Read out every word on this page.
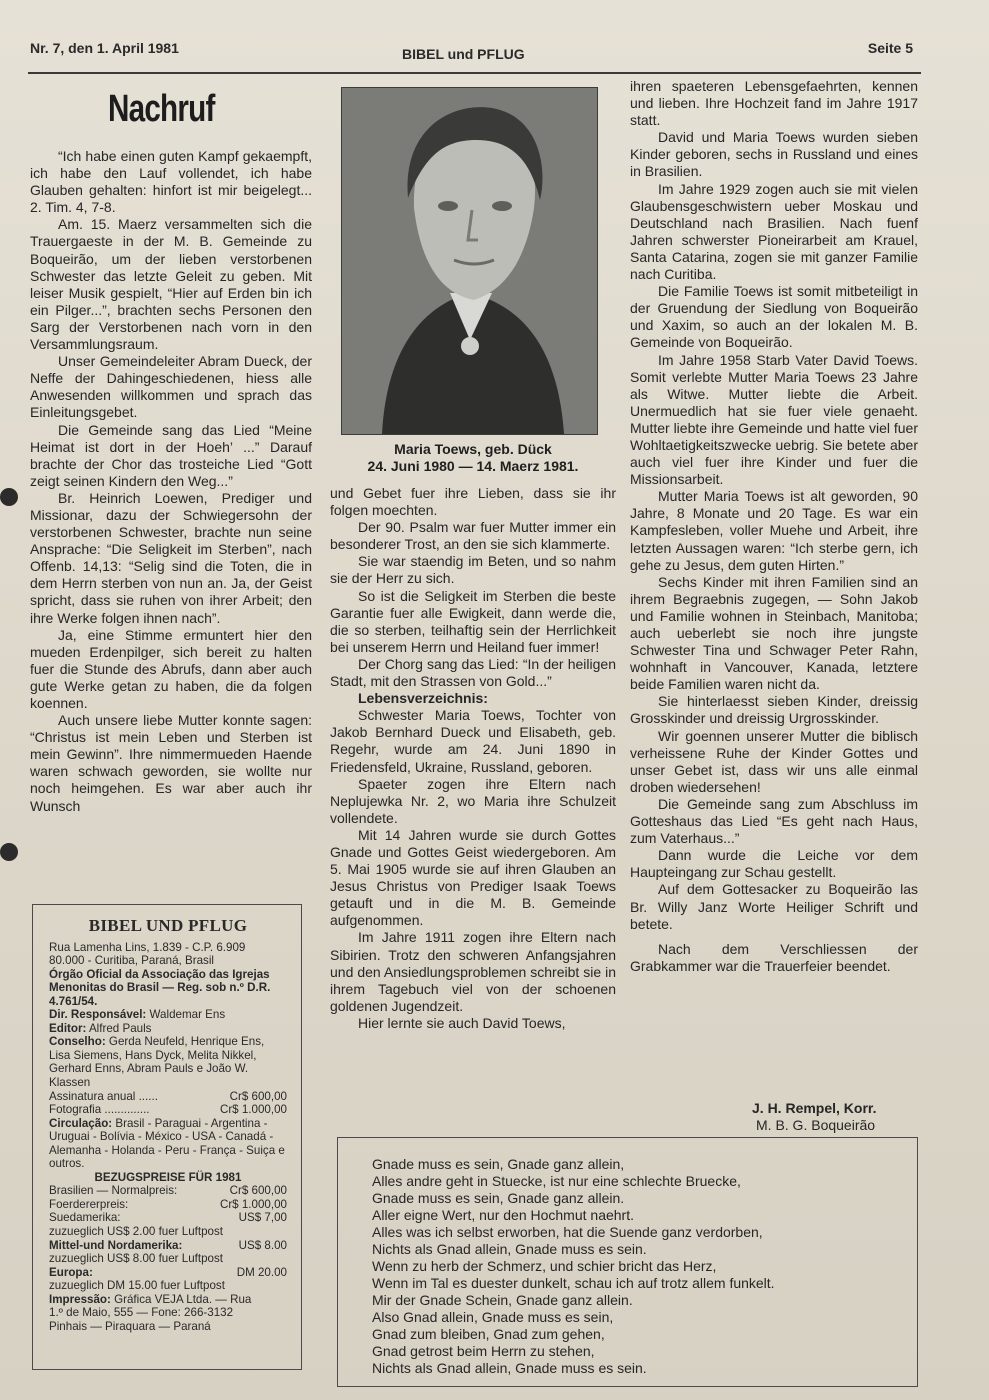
Nr. 7, den 1. April 1981	BIBEL und PFLUG	Seite 5
Nachruf

“Ich habe einen guten Kampf gekaempft, ich habe den Lauf vollendet, ich habe Glauben gehalten: hinfort ist mir beigelegt... 2. Tim. 4, 7-8.

Am. 15. Maerz versammelten sich die Trauergaeste in der M. B. Gemeinde zu Boqueirão, um der lieben verstorbenen Schwester das letzte Geleit zu geben. Mit leiser Musik gespielt, “Hier auf Erden bin ich ein Pilger...”, brachten sechs Personen den Sarg der Verstorbenen nach vorn in den Versammlungsraum.

Unser Gemeindeleiter Abram Dueck, der Neffe der Dahingeschiedenen, hiess alle Anwesenden willkommen und sprach das Einleitungsgebet.

Die Gemeinde sang das Lied “Meine Heimat ist dort in der Hoeh’ ...” Darauf brachte der Chor das trosteiche Lied “Gott zeigt seinen Kindern den Weg...”

Br. Heinrich Loewen, Prediger und Missionar, dazu der Schwiegersohn der verstorbenen Schwester, brachte nun seine Ansprache: “Die Seligkeit im Sterben”, nach Offenb. 14,13: “Selig sind die Toten, die in dem Herrn sterben von nun an. Ja, der Geist spricht, dass sie ruhen von ihrer Arbeit; den ihre Werke folgen ihnen nach”.

Ja, eine Stimme ermuntert hier den mueden Erdenpilger, sich bereit zu halten fuer die Stunde des Abrufs, dann aber auch gute Werke getan zu haben, die da folgen koennen.

Auch unsere liebe Mutter konnte sagen: “Christus ist mein Leben und Sterben ist mein Gewinn”. Ihre nimmermueden Haende waren schwach geworden, sie wollte nur noch heimgehen. Es war aber auch ihr Wunsch

Maria Toews, geb. Dück
24. Juni 1980 — 14. Maerz 1981.

und Gebet fuer ihre Lieben, dass sie ihr folgen moechten.

Der 90. Psalm war fuer Mutter immer ein besonderer Trost, an den sie sich klammerte.

Sie war staendig im Beten, und so nahm sie der Herr zu sich.

So ist die Seligkeit im Sterben die beste Garantie fuer alle Ewigkeit, dann werde die, die so sterben, teilhaftig sein der Herrlichkeit bei unserem Herrn und Heiland fuer immer!

Der Chorg sang das Lied: “In der heiligen Stadt, mit den Strassen von Gold...”

Lebensverzeichnis:

Schwester Maria Toews, Tochter von Jakob Bernhard Dueck und Elisabeth, geb. Regehr, wurde am 24. Juni 1890 in Friedensfeld, Ukraine, Russland, geboren.

Spaeter zogen ihre Eltern nach Neplujewka Nr. 2, wo Maria ihre Schulzeit vollendete.

Mit 14 Jahren wurde sie durch Gottes Gnade und Gottes Geist wiedergeboren. Am 5. Mai 1905 wurde sie auf ihren Glauben an Jesus Christus von Prediger Isaak Toews getauft und in die M. B. Gemeinde aufgenommen.

Im Jahre 1911 zogen ihre Eltern nach Sibirien. Trotz den schweren Anfangsjahren und den Ansiedlungsproblemen schreibt sie in ihrem Tagebuch viel von der schoenen goldenen Jugendzeit.

Hier lernte sie auch David Toews,

ihren spaeteren Lebensgefaehrten, kennen und lieben. Ihre Hochzeit fand im Jahre 1917 statt.

David und Maria Toews wurden sieben Kinder geboren, sechs in Russland und eines in Brasilien.

Im Jahre 1929 zogen auch sie mit vielen Glaubensgeschwistern ueber Moskau und Deutschland nach Brasilien. Nach fuenf Jahren schwerster Pioneirarbeit am Krauel, Santa Catarina, zogen sie mit ganzer Familie nach Curitiba.

Die Familie Toews ist somit mitbeteiligt in der Gruendung der Siedlung von Boqueirão und Xaxim, so auch an der lokalen M. B. Gemeinde von Boqueirão.

Im Jahre 1958 Starb Vater David Toews. Somit verlebte Mutter Maria Toews 23 Jahre als Witwe. Mutter liebte die Arbeit. Unermuedlich hat sie fuer viele genaeht. Mutter liebte ihre Gemeinde und hatte viel fuer Wohltaetigkeitszwecke uebrig. Sie betete aber auch viel fuer ihre Kinder und fuer die Missionsarbeit.

Mutter Maria Toews ist alt geworden, 90 Jahre, 8 Monate und 20 Tage. Es war ein Kampfesleben, voller Muehe und Arbeit, ihre letzten Aussagen waren: “Ich sterbe gern, ich gehe zu Jesus, dem guten Hirten.”

Sechs Kinder mit ihren Familien sind an ihrem Begraebnis zugegen, — Sohn Jakob und Familie wohnen in Steinbach, Manitoba; auch ueberlebt sie noch ihre jungste Schwester Tina und Schwager Peter Rahn, wohnhaft in Vancouver, Kanada, letztere beide Familien waren nicht da.

Sie hinterlaesst sieben Kinder, dreissig Grosskinder und dreissig Urgrosskinder.

Wir goennen unserer Mutter die biblisch verheissene Ruhe der Kinder Gottes und unser Gebet ist, dass wir uns alle einmal droben wiedersehen!

Die Gemeinde sang zum Abschluss im Gotteshaus das Lied “Es geht nach Haus, zum Vaterhaus...”

Dann wurde die Leiche vor dem Haupteingang zur Schau gestellt.

Auf dem Gottesacker zu Boqueirão las Br. Willy Janz Worte Heiliger Schrift und betete.

Nach dem Verschliessen der Grabkammer war die Trauerfeier beendet.

J. H. Rempel, Korr.
M. B. G. Boqueirão
BIBEL UND PFLUG
Rua Lamenha Lins, 1.839 - C.P. 6.909
80.000 - Curitiba, Paraná, Brasil
Órgão Oficial da Associação das Igrejas Menonitas do Brasil — Reg. sob n.º D.R. 4.761/54.
Dir. Responsável: Waldemar Ens
Editor: Alfred Pauls
Conselho: Gerda Neufeld, Henrique Ens, Lisa Siemens, Hans Dyck, Melita Nikkel, Gerhard Enns, Abram Pauls e João W. Klassen
Assinatura anual ......	Cr$ 600,00
Fotografia ..............	Cr$ 1.000,00
Circulação: Brasil - Paraguai - Argentina - Uruguai - Bolívia - México - USA - Canadá - Alemanha - Holanda - Peru - França - Suiça e outros.
BEZUGSPREISE FÜR 1981
Brasilien — Normalpreis:	Cr$ 600,00
Foerdererpreis:	Cr$ 1.000,00
Suedamerika:	US$ 7,00
zuzueglich US$ 2.00 fuer Luftpost
Mittel-und Nordamerika:	US$ 8.00
zuzueglich US$ 8.00 fuer Luftpost
Europa:	DM 20.00
zuzueglich DM 15.00 fuer Luftpost
Impressão: Gráfica VEJA Ltda. — Rua
1.º de Maio, 555 — Fone: 266-3132
Pinhais — Piraquara — Paraná
Gnade muss es sein, Gnade ganz allein,
Alles andre geht in Stuecke, ist nur eine schlechte Bruecke,
Gnade muss es sein, Gnade ganz allein.
Aller eigne Wert, nur den Hochmut naehrt.
Alles was ich selbst erworben, hat die Suende ganz verdorben,
Nichts als Gnad allein, Gnade muss es sein.
Wenn zu herb der Schmerz, und schier bricht das Herz,
Wenn im Tal es duester dunkelt, schau ich auf trotz allem funkelt.
Mir der Gnade Schein, Gnade ganz allein.
Also Gnad allein, Gnade muss es sein,
Gnad zum bleiben, Gnad zum gehen,
Gnad getrost beim Herrn zu stehen,
Nichts als Gnad allein, Gnade muss es sein.
